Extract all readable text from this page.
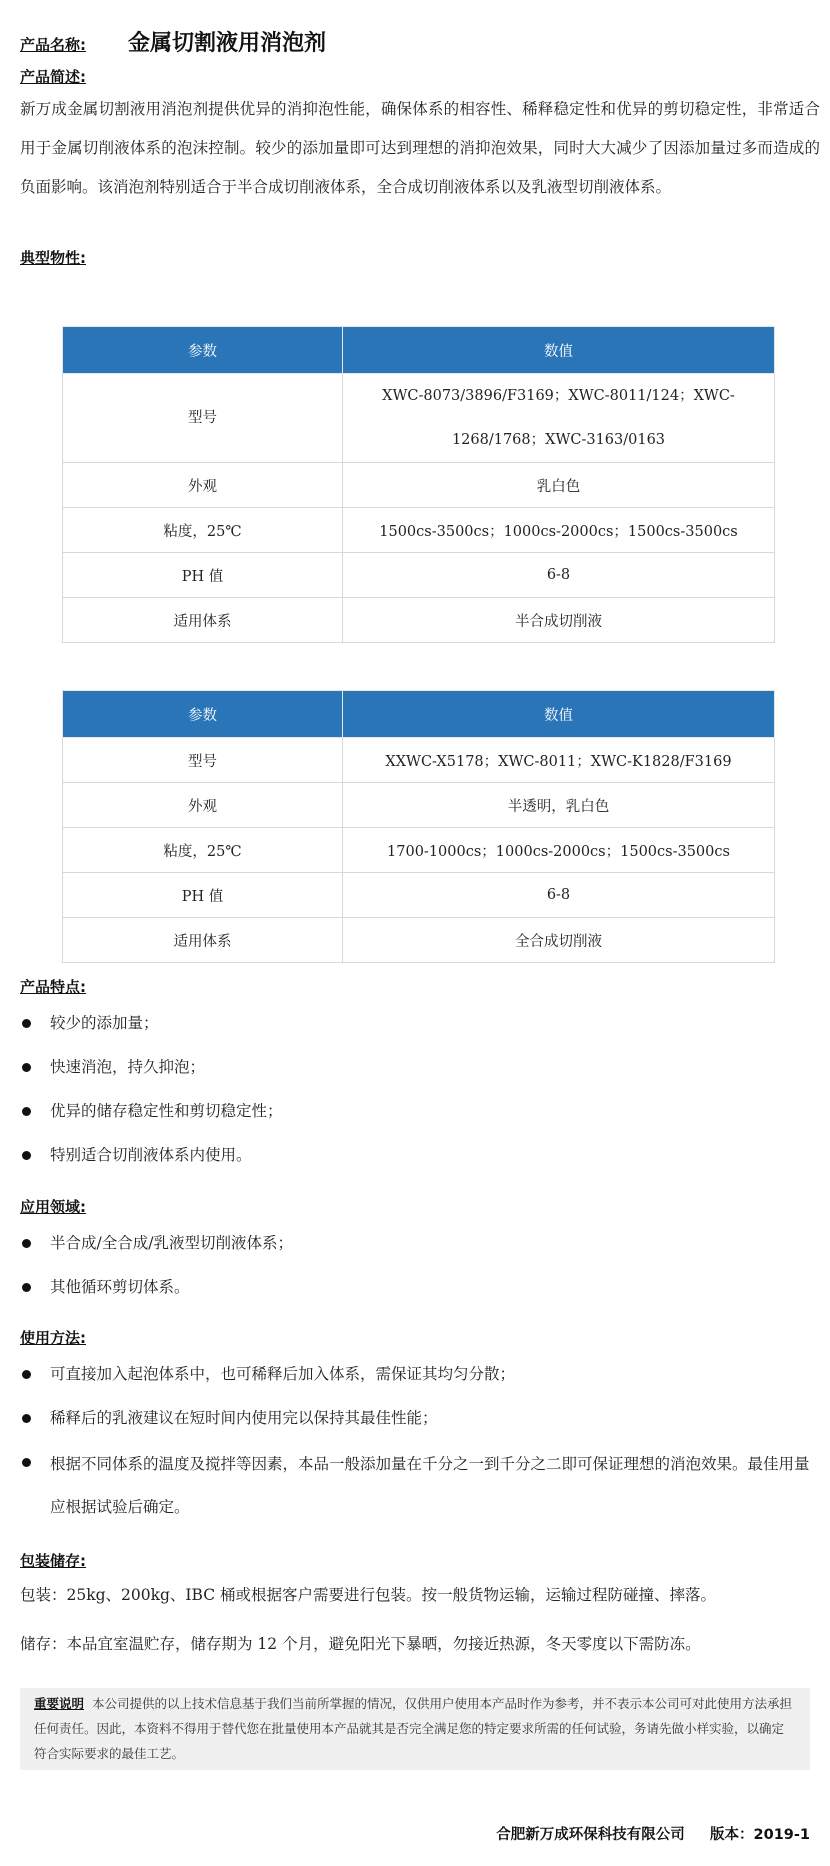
产品名称: 金属切割液用消泡剂
产品简述:
新万成金属切割液用消泡剂提供优异的消抑泡性能，确保体系的相容性、稀释稳定性和优异的剪切稳定性，非常适合用于金属切削液体系的泡沫控制。较少的添加量即可达到理想的消抑泡效果，同时大大减少了因添加量过多而造成的负面影响。该消泡剂特别适合于半合成切削液体系，全合成切削液体系以及乳液型切削液体系。
典型物性:
参数	数值
型号	XWC-8073/3896/F3169；XWC-8011/124；XWC-1268/1768；XWC-3163/0163
外观	乳白色
粘度，25℃	1500cs-3500cs；1000cs-2000cs；1500cs-3500cs
PH 值	6-8
适用体系	半合成切削液
参数	数值
型号	XXWC-X5178；XWC-8011；XWC-K1828/F3169
外观	半透明，乳白色
粘度，25℃	1700-1000cs；1000cs-2000cs；1500cs-3500cs
PH 值	6-8
适用体系	全合成切削液
产品特点:
较少的添加量；
快速消泡，持久抑泡；
优异的储存稳定性和剪切稳定性；
特别适合切削液体系内使用。
应用领域:
半合成/全合成/乳液型切削液体系；
其他循环剪切体系。
使用方法:
可直接加入起泡体系中，也可稀释后加入体系，需保证其均匀分散；
稀释后的乳液建议在短时间内使用完以保持其最佳性能；
根据不同体系的温度及搅拌等因素，本品一般添加量在千分之一到千分之二即可保证理想的消泡效果。最佳用量应根据试验后确定。
包装储存:
包装：25kg、200kg、IBC 桶或根据客户需要进行包装。按一般货物运输，运输过程防碰撞、摔落。
储存：本品宜室温贮存，储存期为 12 个月，避免阳光下暴晒，勿接近热源，冬天零度以下需防冻。
重要说明 本公司提供的以上技术信息基于我们当前所掌握的情况，仅供用户使用本产品时作为参考，并不表示本公司可对此使用方法承担任何责任。因此，本资料不得用于替代您在批量使用本产品就其是否完全满足您的特定要求所需的任何试验，务请先做小样实验，以确定符合实际要求的最佳工艺。
合肥新万成环保科技有限公司 版本：2019-1
